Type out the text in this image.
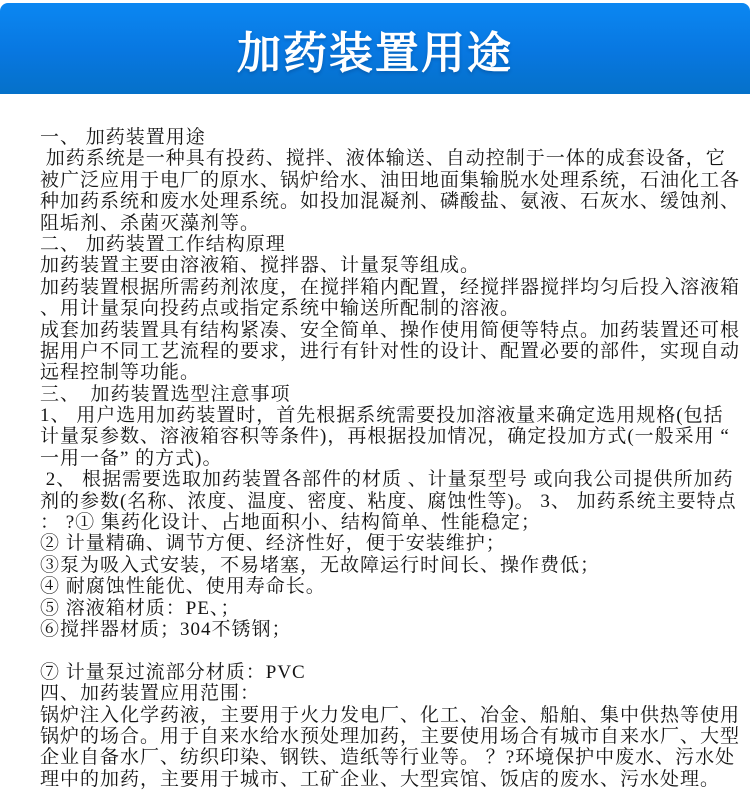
加药装置用途
一、 加药装置用途
加药系统是一种具有投药、搅拌、液体输送、自动控制于一体的成套设备，它
被广泛应用于电厂的原水、锅炉给水、油田地面集输脱水处理系统，石油化工各
种加药系统和废水处理系统。如投加混凝剂、磷酸盐、氨液、石灰水、缓蚀剂、
阻垢剂、杀菌灭藻剂等。
二、 加药装置工作结构原理
加药装置主要由溶液箱、搅拌器、计量泵等组成。
加药装置根据所需药剂浓度，在搅拌箱内配置，经搅拌器搅拌均匀后投入溶液箱
、用计量泵向投药点或指定系统中输送所配制的溶液。
成套加药装置具有结构紧凑、安全简单、操作使用简便等特点。加药装置还可根
据用户不同工艺流程的要求，进行有针对性的设计、配置必要的部件，实现自动
远程控制等功能。
三、　加药装置选型注意事项
1、 用户选用加药装置时，首先根据系统需要投加溶液量来确定选用规格(包括
计量泵参数、溶液箱容积等条件)，再根据投加情况，确定投加方式(一般采用 “
一用一备” 的方式)。
2、 根据需要选取加药装置各部件的材质 、计量泵型号 或向我公司提供所加药
剂的参数(名称、浓度、温度、密度、粘度、腐蚀性等)。 3、 加药系统主要特点
： ?① 集药化设计、占地面积小、结构简单、性能稳定；
② 计量精确、调节方便、经济性好，便于安装维护；
③泵为吸入式安装，不易堵塞，无故障运行时间长、操作费低；
④ 耐腐蚀性能优、使用寿命长。
⑤ 溶液箱材质：PE、；
⑥搅拌器材质；304不锈钢；

⑦ 计量泵过流部分材质：PVC
四、加药装置应用范围：
锅炉注入化学药液，主要用于火力发电厂、化工、冶金、船舶、集中供热等使用
锅炉的场合。用于自来水给水预处理加药，主要使用场合有城市自来水厂、大型
企业自备水厂、纺织印染、钢铁、造纸等行业等。 ？?环境保护中废水、污水处
理中的加药，主要用于城市、工矿企业、大型宾馆、饭店的废水、污水处理。
